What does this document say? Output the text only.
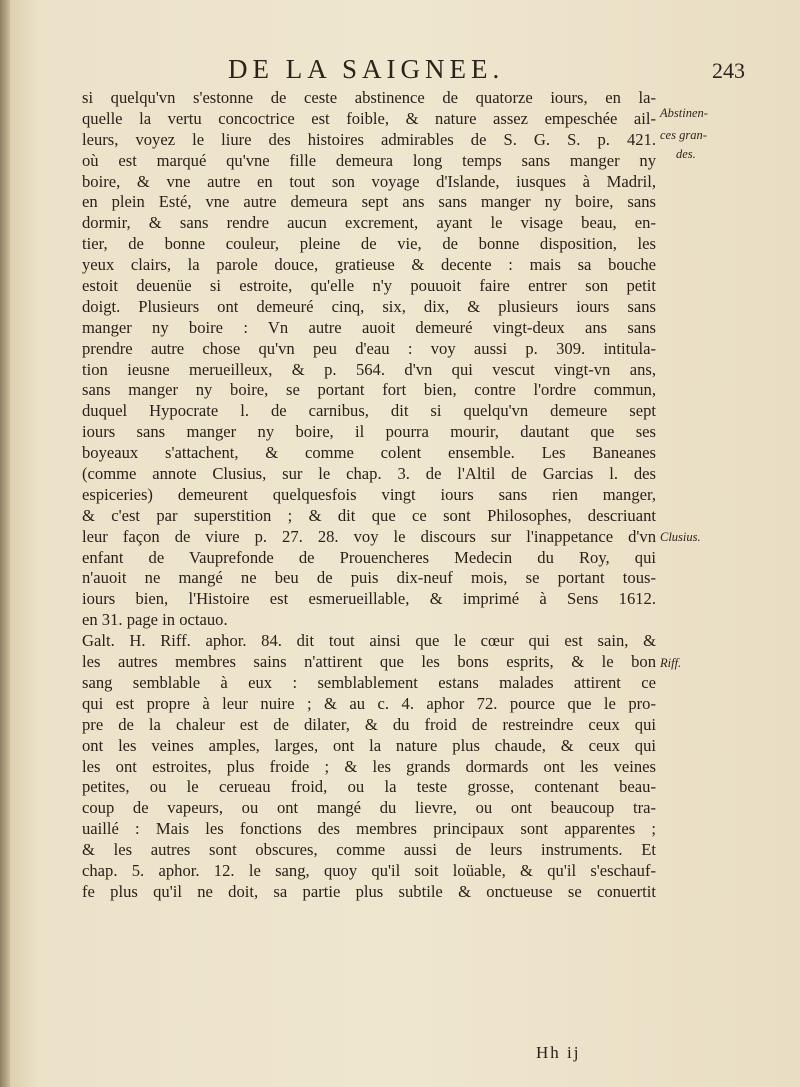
DE LA SAIGNEE.	243
si quelqu'vn s'estonne de ceste abstinence de quatorze iours, en la-
quelle la vertu concoctrice est foible, & nature assez empeschée ail-
leurs, voyez le liure des histoires admirables de S. G. S. p. 421.
où est marqué qu'vne fille demeura long temps sans manger ny
boire, & vne autre en tout son voyage d'Islande, iusques à Madril,
en plein Esté, vne autre demeura sept ans sans manger ny boire, sans
dormir, & sans rendre aucun excrement, ayant le visage beau, en-
tier, de bonne couleur, pleine de vie, de bonne disposition, les
yeux clairs, la parole douce, gratieuse & decente : mais sa bouche
estoit deuenüe si estroite, qu'elle n'y pouuoit faire entrer son petit
doigt. Plusieurs ont demeuré cinq, six, dix, & plusieurs iours sans
manger ny boire : Vn autre auoit demeuré vingt-deux ans sans
prendre autre chose qu'vn peu d'eau : voy aussi p. 309. intitula-
tion ieusne merueilleux, & p. 564. d'vn qui vescut vingt-vn ans,
sans manger ny boire, se portant fort bien, contre l'ordre commun,
duquel Hypocrate l. de carnibus, dit si quelqu'vn demeure sept
iours sans manger ny boire, il pourra mourir, dautant que ses
boyeaux s'attachent, & comme colent ensemble. Les Baneanes
(comme annote Clusius, sur le chap. 3. de l'Altil de Garcias l. des
espiceries) demeurent quelquesfois vingt iours sans rien manger,
& c'est par superstition ; & dit que ce sont Philosophes, descriuant
leur façon de viure p. 27. 28. voy le discours sur l'inappetance d'vn
enfant de Vauprefonde de Prouencheres Medecin du Roy, qui
n'auoit ne mangé ne beu de puis dix-neuf mois, se portant tous-
iours bien, l'Histoire est esmerueillable, & imprimé à Sens 1612.
en 31. page in octauo.
Galt. H. Riff. aphor. 84. dit tout ainsi que le cœur qui est sain, &
les autres membres sains n'attirent que les bons esprits, & le bon
sang semblable à eux : semblablement estans malades attirent ce
qui est propre à leur nuire ; & au c. 4. aphor 72. pource que le pro-
pre de la chaleur est de dilater, & du froid de restreindre ceux qui
ont les veines amples, larges, ont la nature plus chaude, & ceux qui
les ont estroites, plus froide ; & les grands dormards ont les veines
petites, ou le cerueau froid, ou la teste grosse, contenant beau-
coup de vapeurs, ou ont mangé du lievre, ou ont beaucoup tra-
uaillé : Mais les fonctions des membres principaux sont apparentes ;
& les autres sont obscures, comme aussi de leurs instruments. Et
chap. 5. aphor. 12. le sang, quoy qu'il soit loüable, & qu'il s'eschauf-
fe plus qu'il ne doit, sa partie plus subtile & onctueuse se conuertit
Abstinen-
ces gran-
des.
Clusius.
Riff.
Hh ij
